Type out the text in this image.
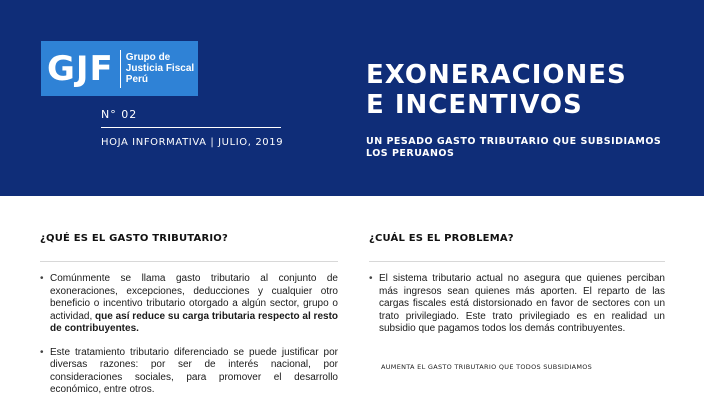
GJF Grupo de
Justicia Fiscal
Perú
N° 02
HOJA INFORMATIVA | JULIO, 2019
EXONERACIONES
E INCENTIVOS
UN PESADO GASTO TRIBUTARIO QUE SUBSIDIAMOS
LOS PERUANOS
¿QUÉ ES EL GASTO TRIBUTARIO?
• Comúnmente se llama gasto tributario al conjunto de exoneraciones, excepciones, deducciones y cualquier otro beneficio o incentivo tributario otorgado a algún sector, grupo o actividad, que así reduce su carga tributaria respecto al resto de contribuyentes.
• Este tratamiento tributario diferenciado se puede justificar por diversas razones: por ser de interés nacional, por consideraciones sociales, para promover el desarrollo económico, entre otros.
¿CUÁL ES EL PROBLEMA?
• El sistema tributario actual no asegura que quienes perciban más ingresos sean quienes más aporten. El reparto de las cargas fiscales está distorsionado en favor de sectores con un trato privilegiado. Este trato privilegiado es en realidad un subsidio que pagamos todos los demás contribuyentes.
AUMENTA EL GASTO TRIBUTARIO QUE TODOS SUBSIDIAMOS
